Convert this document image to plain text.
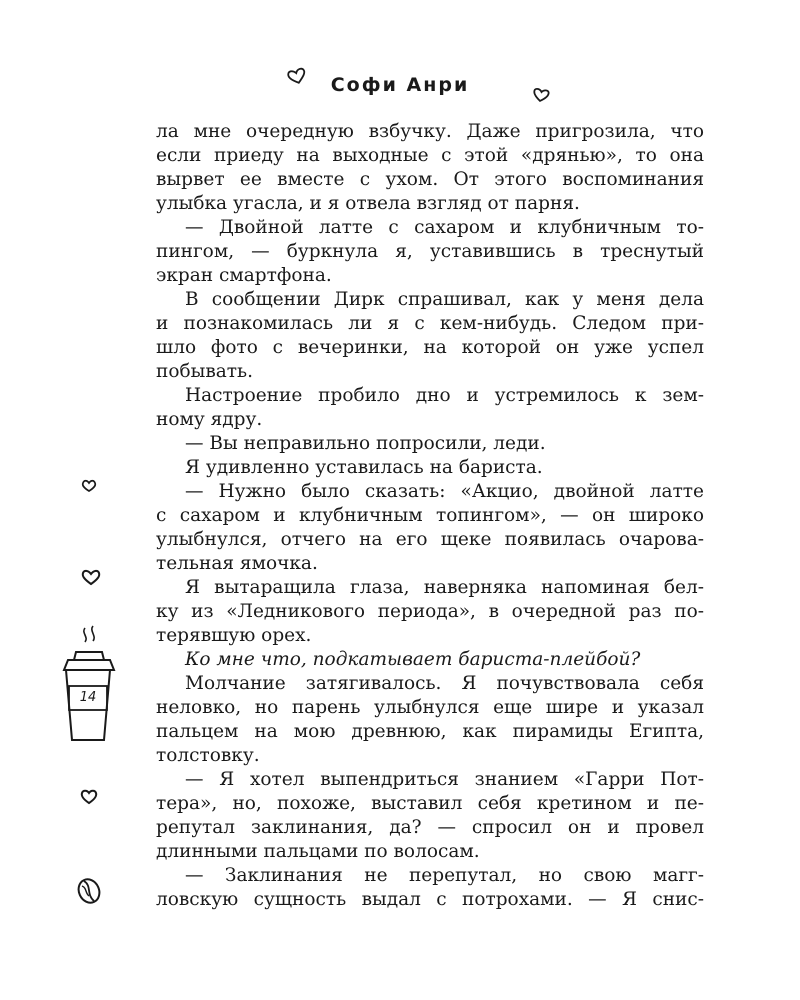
Софи Анри
14
ла мне очередную взбучку. Даже пригрозила, что
если приеду на выходные с этой «дрянью», то она
вырвет ее вместе с ухом. От этого воспоминания
улыбка угасла, и я отвела взгляд от парня.
— Двойной латте с сахаром и клубничным то-
пингом, — буркнула я, уставившись в треснутый
экран смартфона.
В сообщении Дирк спрашивал, как у меня дела
и познакомилась ли я с кем-нибудь. Следом при-
шло фото с вечеринки, на которой он уже успел
побывать.
Настроение пробило дно и устремилось к зем-
ному ядру.
— Вы неправильно попросили, леди.
Я удивленно уставилась на бариста.
— Нужно было сказать: «Акцио, двойной латте
с сахаром и клубничным топингом», — он широко
улыбнулся, отчего на его щеке появилась очарова-
тельная ямочка.
Я вытаращила глаза, наверняка напоминая бел-
ку из «Ледникового периода», в очередной раз по-
терявшую орех.
Ко мне что, подкатывает бариста-плейбой?
Молчание затягивалось. Я почувствовала себя
неловко, но парень улыбнулся еще шире и указал
пальцем на мою древнюю, как пирамиды Египта,
толстовку.
— Я хотел выпендриться знанием «Гарри Пот-
тера», но, похоже, выставил себя кретином и пе-
репутал заклинания, да? — спросил он и провел
длинными пальцами по волосам.
— Заклинания не перепутал, но свою магг-
ловскую сущность выдал с потрохами. — Я снис-
